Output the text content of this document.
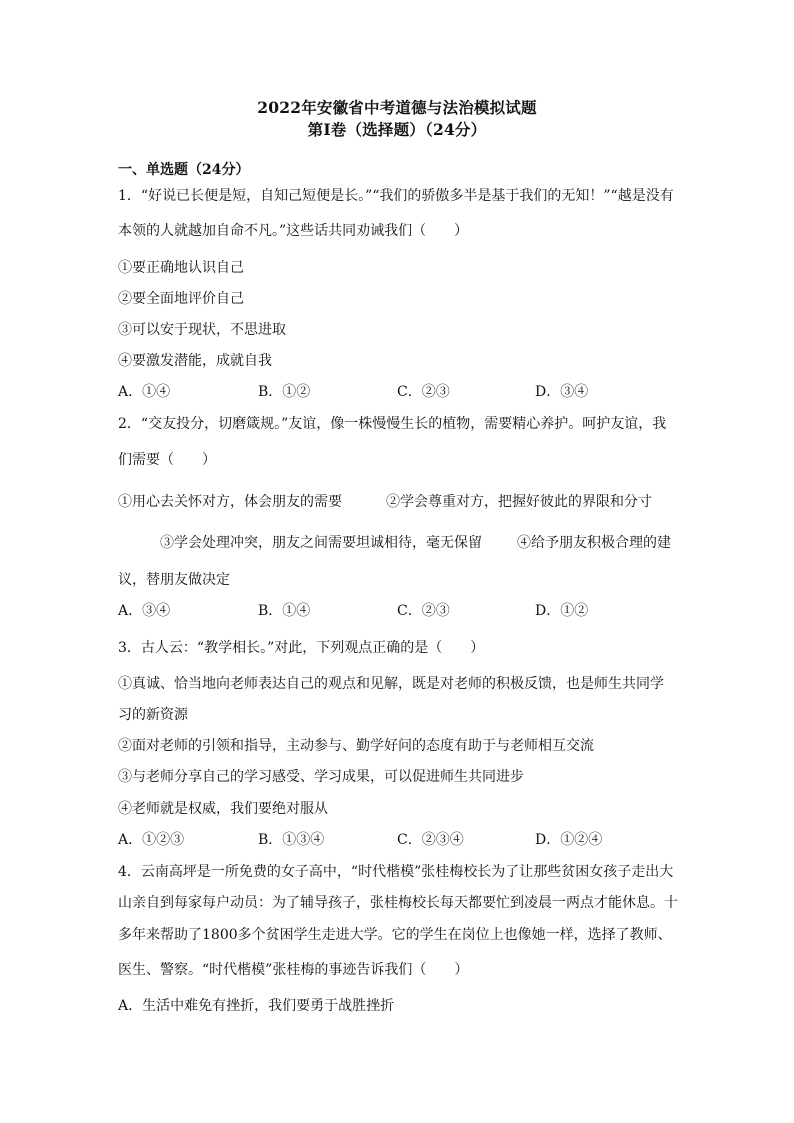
2022年安徽省中考道德与法治模拟试题
第Ⅰ卷（选择题）（24分）
一、单选题（24分）
1．“好说已长便是短，自知己短便是长。”“我们的骄傲多半是基于我们的无知！”“越是没有
本领的人就越加自命不凡。”这些话共同劝诫我们（　　）
①要正确地认识自己
②要全面地评价自己
③可以安于现状，不思进取
④要激发潜能，成就自我
A．①④	B．①②	C．②③	D．③④
2．“交友投分，切磨箴规。”友谊，像一株慢慢生长的植物，需要精心养护。呵护友谊，我
们需要（　　）
①用心去关怀对方，体会朋友的需要	②学会尊重对方，把握好彼此的界限和分寸
③学会处理冲突，朋友之间需要坦诚相待，毫无保留	④给予朋友积极合理的建
议，替朋友做决定
A．③④	B．①④	C．②③	D．①②
3．古人云：“教学相长。”对此，下列观点正确的是（　　）
①真诚、恰当地向老师表达自己的观点和见解，既是对老师的积极反馈，也是师生共同学
习的新资源
②面对老师的引领和指导，主动参与、勤学好问的态度有助于与老师相互交流
③与老师分享自己的学习感受、学习成果，可以促进师生共同进步
④老师就是权威，我们要绝对服从
A．①②③	B．①③④	C．②③④	D．①②④
4．云南高坪是一所免费的女子高中，“时代楷模”张桂梅校长为了让那些贫困女孩子走出大
山亲自到每家每户动员：为了辅导孩子，张桂梅校长每天都要忙到凌晨一两点才能休息。十
多年来帮助了1800多个贫困学生走进大学。它的学生在岗位上也像她一样，选择了教师、
医生、警察。“时代楷模”张桂梅的事迹告诉我们（　　）
A．生活中难免有挫折，我们要勇于战胜挫折
